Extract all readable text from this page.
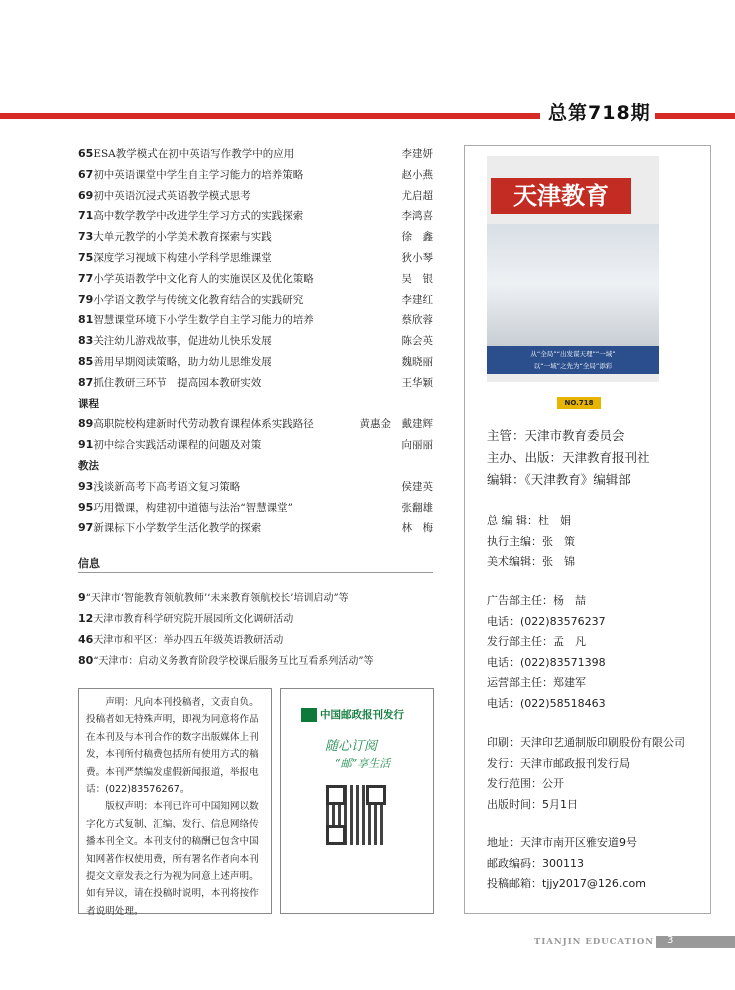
总第718期
65ESA教学模式在初中英语写作教学中的应用	李建妍
67初中英语课堂中学生自主学习能力的培养策略	赵小燕
69初中英语沉浸式英语教学模式思考	尤启超
71高中数学教学中改进学生学习方式的实践探索	李鸿喜
73大单元教学的小学美术教育探索与实践	徐　鑫
75深度学习视域下构建小学科学思维课堂	狄小琴
77小学英语教学中文化育人的实施误区及优化策略	吴　银
79小学语文教学与传统文化教育结合的实践研究	李建红
81智慧课堂环境下小学生数学自主学习能力的培养	蔡欣蓉
83关注幼儿游戏故事，促进幼儿快乐发展	陈会英
85善用早期阅读策略，助力幼儿思维发展	魏晓丽
87抓住教研三环节　提高园本教研实效	王华颖
课程
89高职院校构建新时代劳动教育课程体系实践路径	黄惠金　戴建辉
91初中综合实践活动课程的问题及对策	向丽丽
教法
93浅谈新高考下高考语文复习策略	侯建英
95巧用微课，构建初中道德与法治“智慧课堂”	张翻雄
97新课标下小学数学生活化教学的探索	林　梅
信息
9“天津市‘智能教育领航教师’‘未来教育领航校长’培训启动”等
12天津市教育科学研究院开展园所文化调研活动
46天津市和平区：举办四五年级英语教研活动
80“天津市：启动义务教育阶段学校课后服务互比互看系列活动”等

声明：凡向本刊投稿者，文责自负。投稿者如无特殊声明，即视为同意将作品在本刊及与本刊合作的数字出版媒体上刊发，本刊所付稿费包括所有使用方式的稿费。本刊严禁编发虚假新闻报道，举报电话：(022)83576267。

版权声明：本刊已许可中国知网以数字化方式复制、汇编、发行、信息网络传播本刊全文。本刊支付的稿酬已包含中国知网著作权使用费，所有署名作者向本刊提交文章发表之行为视为同意上述声明。如有异议，请在投稿时说明，本刊将按作者说明处理。

中国邮政报刊发行
随心订阅
“邮”享生活
天津教育
从“全局”“出发谋天理”“一域”
以“一域”之先为“全局”添彩
NO.718
主管：天津市教育委员会
主办、出版：天津教育报刊社
编辑：《天津教育》编辑部
总 编 辑：杜　娟
执行主编：张　策
美术编辑：张　锦
广告部主任：杨　喆
电话：(022)83576237
发行部主任：孟　凡
电话：(022)83571398
运营部主任：郑建军
电话：(022)58518463
印刷：天津印艺通制版印刷股份有限公司
发行：天津市邮政报刊发行局
发行范围：公开
出版时间：5月1日
地址：天津市南开区雅安道9号
邮政编码：300113
投稿邮箱：tjjy2017@126.com
TIANJIN EDUCATION 3
